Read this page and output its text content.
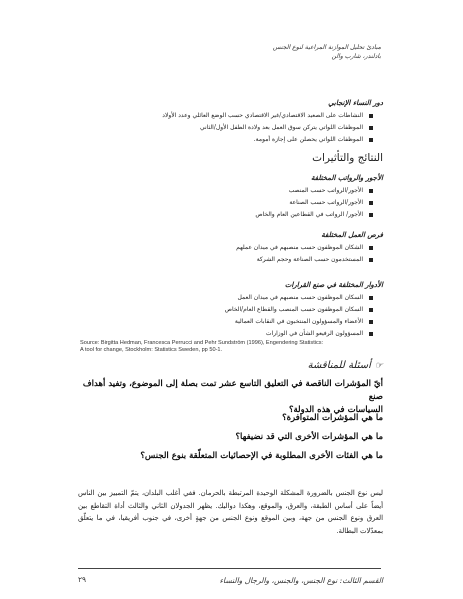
مبادئ تحليل الموازنة المراعية لنوع الجنس
بادلندر، شارب والن
دور النساء الإنجابي
النشاطات على الصعيد الاقتصادي/غير الاقتصادي حسب الوضع العائلي وعدد الأولاد
الموظفات اللواتي يتركن سوق العمل بعد ولادة الطفل الأول/الثاني
الموظفات اللواتي يحصلن على إجازة أمومة.
النتائج والتأثيرات
الأجور والرواتب المختلفة
الأجور/الرواتب حسب المنصب
الأجور/الرواتب حسب الصناعة
الأجور/ الرواتب في القطاعين العام والخاص
فرص العمل المختلفة
الشكان الموظفون حسب منصبهم في ميدان عملهم
المستخدمون حسب الصناعة وحجم الشركة
الأدوار المختلفة في صنع القرارات
السكان الموظفون حسب منصبهم في ميدان العمل
السكان الموظفون حسب المنصب والقطاع العام/الخاص
الأعضاء والمسؤولون المنتخبون في النقابات العمالية
المسؤولون الرفيعو الشأن في الوزارات
Source: Birgitta Hedman, Francesca Perrucci and Pehr Sundström (1996), Engendering Statistics:
A tool for change, Stockholm: Statistics Sweden, pp 50-1.
☞
أسئلة للمناقشة
أيّ المؤشرات الناقصة في التعليق التاسع عشر تمت بصلة إلى الموضوع، وتفيد أهداف صنع
السياسات في هذه الدولة؟
ما هي المؤشرات المتوافرة؟
ما هي المؤشرات الأخرى التي قد نضيفها؟
ما هي الفئات الأخرى المطلوبة في الإحصائيات المتعلّقة بنوع الجنس؟
ليس نوع الجنس بالضرورة المشكلة الوحيدة المرتبطة بالحرمان. ففي أغلب البلدان، يتمّ التمييز بين الناس أيضاً على أساس الطبقة، والعرق، والموقع، وهكذا دواليك. يظهر الجدولان الثاني والثالث أداة التقاطع بين العرق ونوع الجنس من جهة، وبين الموقع ونوع الجنس من جهةٍ أخرى، في جنوب أفريقيا، في ما يتعلّق بمعدّلات البطالة.
القسم الثالث: نوع الجنس، والجنس، والرجال والنساء
٢٩
